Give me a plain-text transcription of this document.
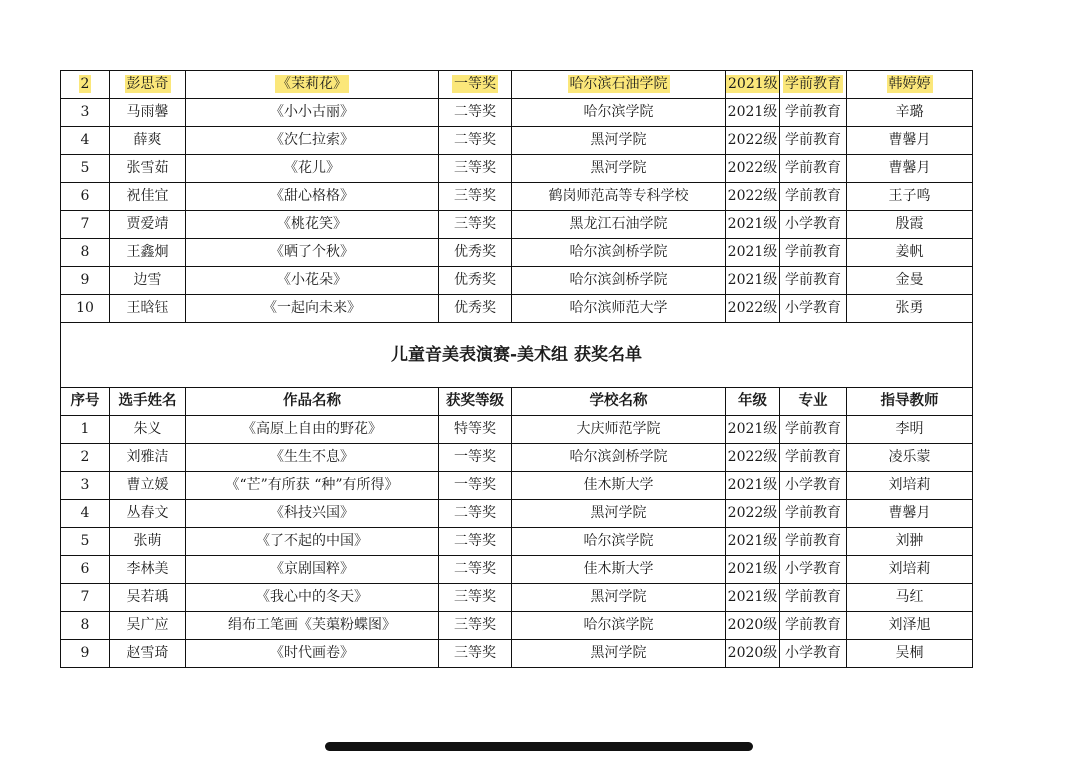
2	彭思奇	《茉莉花》	一等奖	哈尔滨石油学院	2021级	学前教育	韩婷婷
3	马雨馨	《小小古丽》	二等奖	哈尔滨学院	2021级	学前教育	辛璐
4	薛爽	《次仁拉索》	二等奖	黑河学院	2022级	学前教育	曹馨月
5	张雪茹	《花儿》	三等奖	黑河学院	2022级	学前教育	曹馨月
6	祝佳宜	《甜心格格》	三等奖	鹤岗师范高等专科学校	2022级	学前教育	王子鸣
7	贾爱靖	《桃花笑》	三等奖	黑龙江石油学院	2021级	小学教育	殷霞
8	王鑫炯	《晒了个秋》	优秀奖	哈尔滨剑桥学院	2021级	学前教育	姜帆
9	边雪	《小花朵》	优秀奖	哈尔滨剑桥学院	2021级	学前教育	金曼
10	王晗钰	《一起向未来》	优秀奖	哈尔滨师范大学	2022级	小学教育	张勇
儿童音美表演赛-美术组 获奖名单							
序号	选手姓名	作品名称	获奖等级	学校名称	年级	专业	指导教师
1	朱义	《高原上自由的野花》	特等奖	大庆师范学院	2021级	学前教育	李明
2	刘雅洁	《生生不息》	一等奖	哈尔滨剑桥学院	2022级	学前教育	凌乐蒙
3	曹立媛	《“芒”有所获 “种”有所得》	一等奖	佳木斯大学	2021级	小学教育	刘培莉
4	丛春文	《科技兴国》	二等奖	黑河学院	2022级	学前教育	曹馨月
5	张萌	《了不起的中国》	二等奖	哈尔滨学院	2021级	学前教育	刘翀
6	李林美	《京剧国粹》	二等奖	佳木斯大学	2021级	小学教育	刘培莉
7	吴若瑀	《我心中的冬天》	三等奖	黑河学院	2021级	学前教育	马红
8	吴广应	绢布工笔画《芙蕖粉蝶图》	三等奖	哈尔滨学院	2020级	学前教育	刘泽旭
9	赵雪琦	《时代画卷》	三等奖	黑河学院	2020级	小学教育	吴桐
